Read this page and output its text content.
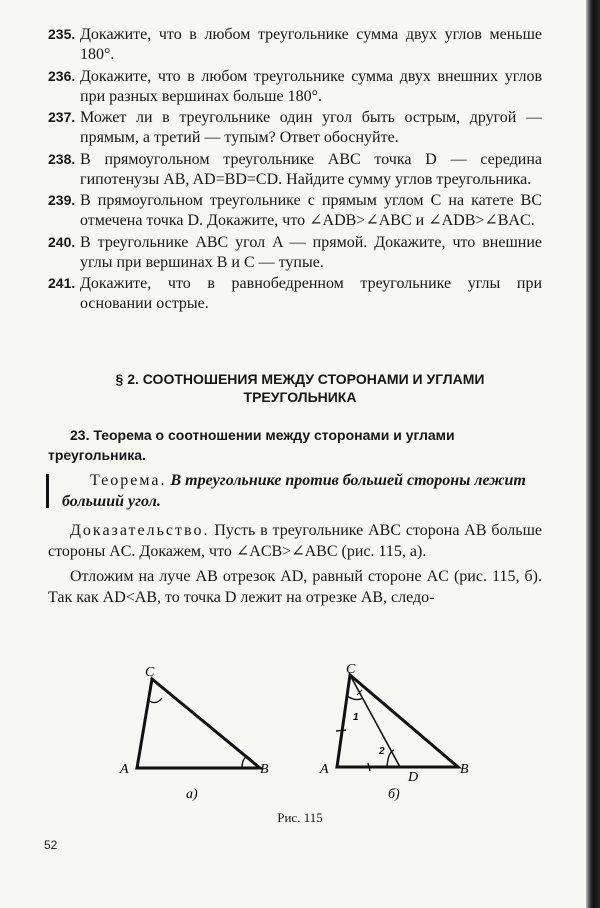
235. Докажите, что в любом треугольнике сумма двух углов меньше 180°.
236. Докажите, что в любом треугольнике сумма двух внешних углов при разных вершинах больше 180°.
237. Может ли в треугольнике один угол быть острым, другой — прямым, а третий — тупым? Ответ обоснуйте.
238. В прямоугольном треугольнике ABC точка D — середина гипотенузы AB, AD=BD=CD. Найдите сумму углов треугольника.
239. В прямоугольном треугольнике с прямым углом C на катете BC отмечена точка D. Докажите, что ∠ADB>∠ABC и ∠ADB>∠BAC.
240. В треугольнике ABC угол A — прямой. Докажите, что внешние углы при вершинах B и C — тупые.
241. Докажите, что в равнобедренном треугольнике углы при основании острые.
§ 2. СООТНОШЕНИЯ МЕЖДУ СТОРОНАМИ И УГЛАМИ
ТРЕУГОЛЬНИКА
23. Теорема о соотношении между сторонами и углами треугольника.
Теорема. В треугольнике против большей стороны лежит больший угол.

Доказательство. Пусть в треугольнике ABC сторона AB больше стороны AC. Докажем, что ∠ACB>∠ABC (рис. 115, а).

Отложим на луче AB отрезок AD, равный стороне AC (рис. 115, б). Так как AD<AB, то точка D лежит на отрезке AB, следо-

C
A	B
а)
C
A	B
D
1
2
б)
Рис. 115
52
